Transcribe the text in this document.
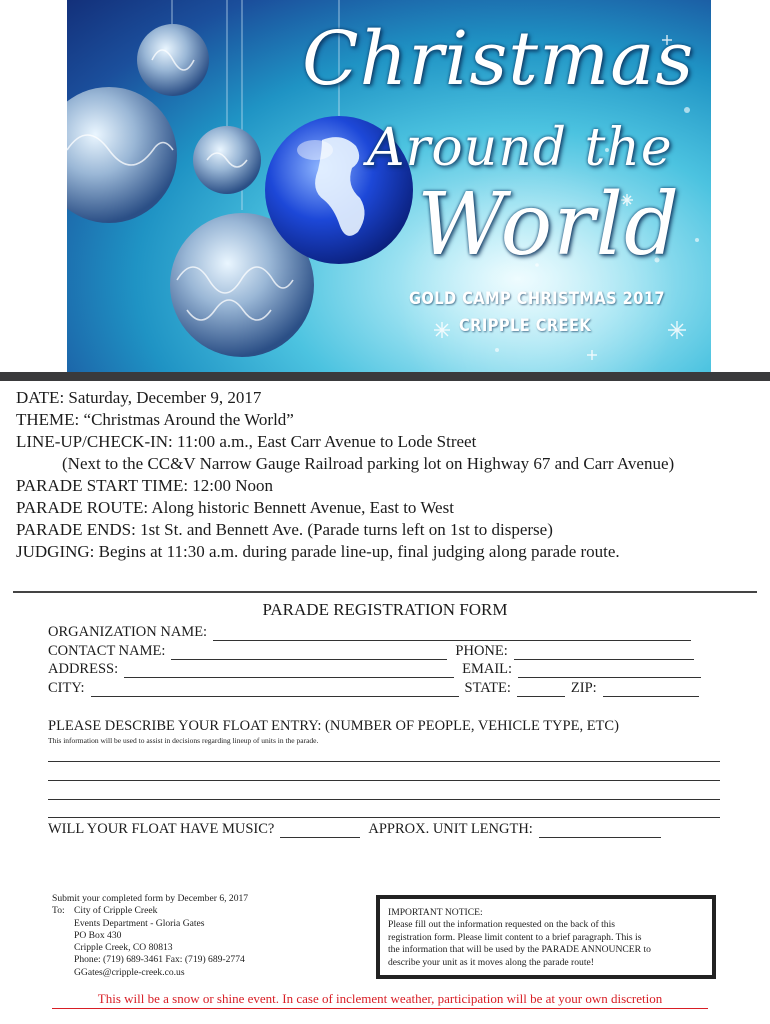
Christmas
Around the
World
GOLD CAMP CHRISTMAS 2017
CRIPPLE CREEK
DATE: Saturday, December 9, 2017
THEME: “Christmas Around the World”
LINE-UP/CHECK-IN: 11:00 a.m., East Carr Avenue to Lode Street
(Next to the CC&V Narrow Gauge Railroad parking lot on Highway 67 and Carr Avenue)
PARADE START TIME: 12:00 Noon
PARADE ROUTE: Along historic Bennett Avenue, East to West
PARADE ENDS: 1st St. and Bennett Ave. (Parade turns left on 1st to disperse)
JUDGING: Begins at 11:30 a.m. during parade line-up, final judging along parade route.
PARADE REGISTRATION FORM
ORGANIZATION NAME:
CONTACT NAME:	PHONE:
ADDRESS:	EMAIL:
CITY:	STATE:	ZIP:
PLEASE DESCRIBE YOUR FLOAT ENTRY: (NUMBER OF PEOPLE, VEHICLE TYPE, ETC)
This information will be used to assist in decisions regarding lineup of units in the parade.
WILL YOUR FLOAT HAVE MUSIC?	APPROX. UNIT LENGTH:
Submit your completed form by December 6, 2017
To: City of Cripple Creek
Events Department - Gloria Gates
PO Box 430
Cripple Creek, CO 80813
Phone: (719) 689-3461 Fax: (719) 689-2774
GGates@cripple-creek.co.us
IMPORTANT NOTICE:
Please fill out the information requested on the back of this
registration form. Please limit content to a brief paragraph. This is
the information that will be used by the PARADE ANNOUNCER to
describe your unit as it moves along the parade route!
This will be a snow or shine event. In case of inclement weather, participation will be at your own discretion
